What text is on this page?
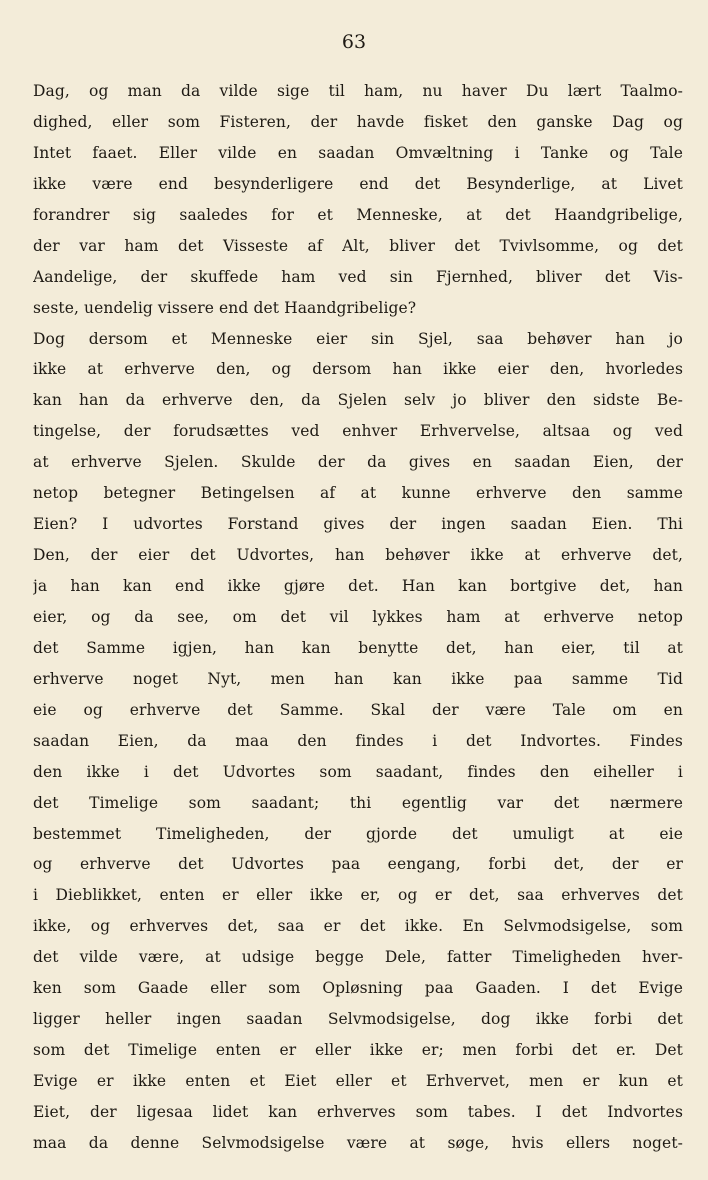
63
Dag, og man da vilde sige til ham, nu haver Du lært Taalmo-
dighed, eller som Fisteren, der havde fisket den ganske Dag og
Intet faaet. Eller vilde en saadan Omvæltning i Tanke og Tale
ikke være end besynderligere end det Besynderlige, at Livet
forandrer sig saaledes for et Menneske, at det Haandgribelige,
der var ham det Visseste af Alt, bliver det Tvivlsomme, og det
Aandelige, der skuffede ham ved sin Fjernhed, bliver det Vis-
seste, uendelig vissere end det Haandgribelige?
Dog dersom et Menneske eier sin Sjel, saa behøver han jo
ikke at erhverve den, og dersom han ikke eier den, hvorledes
kan han da erhverve den, da Sjelen selv jo bliver den sidste Be-
tingelse, der forudsættes ved enhver Erhvervelse, altsaa og ved
at erhverve Sjelen. Skulde der da gives en saadan Eien, der
netop betegner Betingelsen af at kunne erhverve den samme
Eien? I udvortes Forstand gives der ingen saadan Eien. Thi
Den, der eier det Udvortes, han behøver ikke at erhverve det,
ja han kan end ikke gjøre det. Han kan bortgive det, han
eier, og da see, om det vil lykkes ham at erhverve netop
det Samme igjen, han kan benytte det, han eier, til at
erhverve noget Nyt, men han kan ikke paa samme Tid
eie og erhverve det Samme. Skal der være Tale om en
saadan Eien, da maa den findes i det Indvortes. Findes
den ikke i det Udvortes som saadant, findes den eiheller i
det Timelige som saadant; thi egentlig var det nærmere
bestemmet Timeligheden, der gjorde det umuligt at eie
og erhverve det Udvortes paa eengang, forbi det, der er
i Dieblikket, enten er eller ikke er, og er det, saa erhverves det
ikke, og erhverves det, saa er det ikke. En Selvmodsigelse, som
det vilde være, at udsige begge Dele, fatter Timeligheden hver-
ken som Gaade eller som Opløsning paa Gaaden. I det Evige
ligger heller ingen saadan Selvmodsigelse, dog ikke forbi det
som det Timelige enten er eller ikke er; men forbi det er. Det
Evige er ikke enten et Eiet eller et Erhvervet, men er kun et
Eiet, der ligesaa lidet kan erhverves som tabes. I det Indvortes
maa da denne Selvmodsigelse være at søge, hvis ellers noget-
